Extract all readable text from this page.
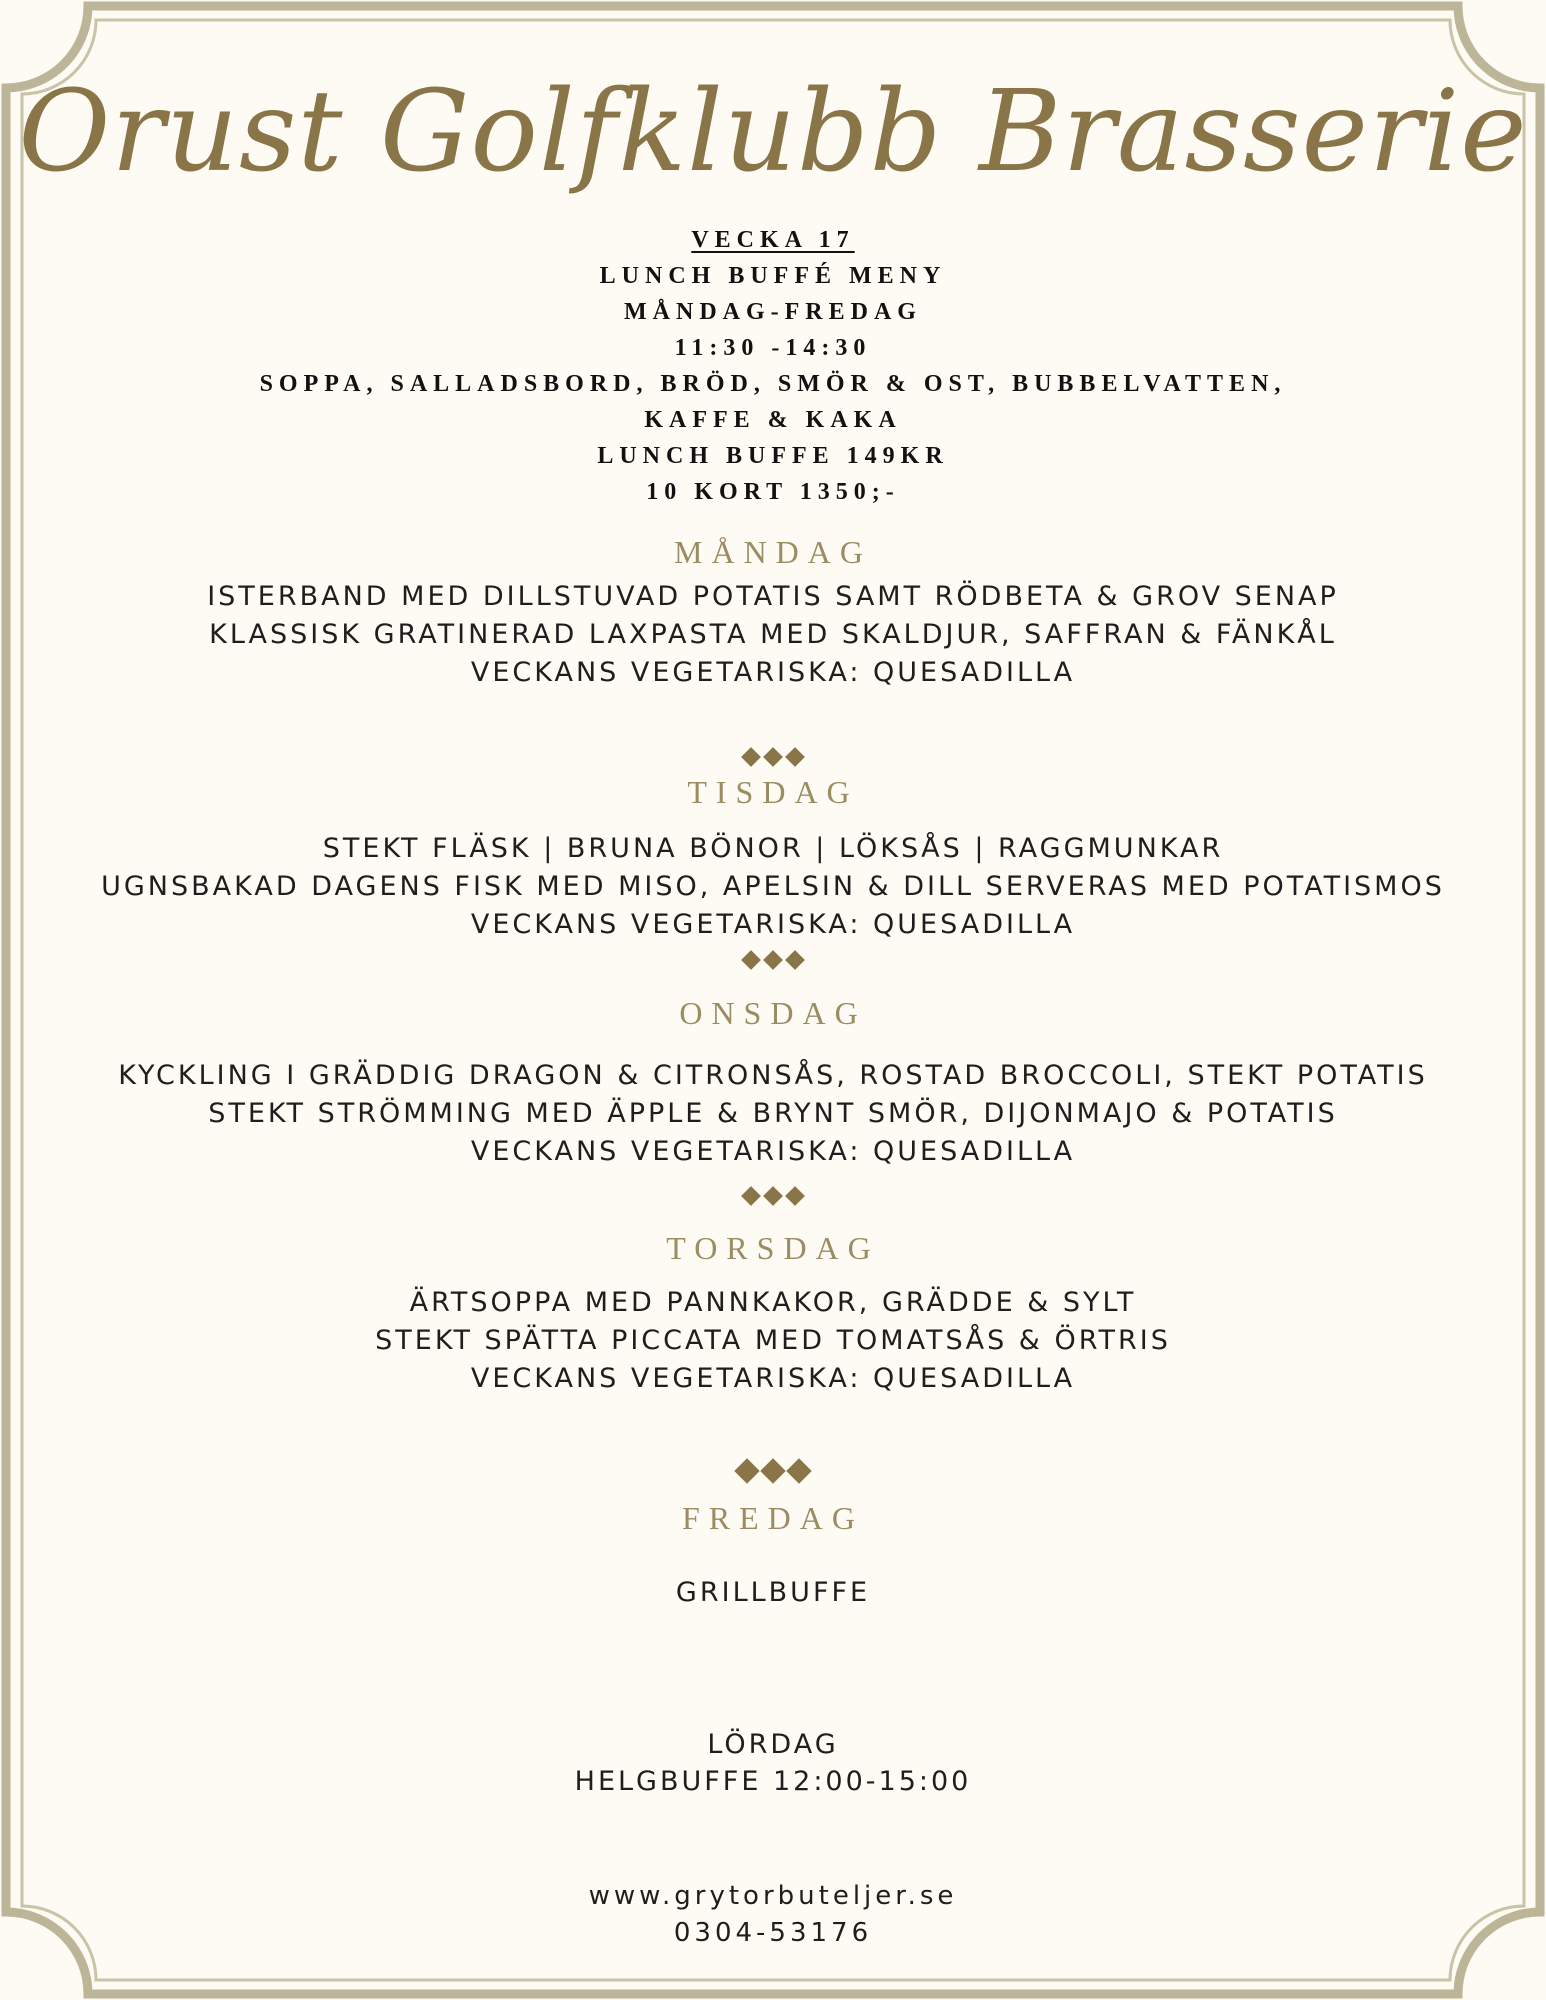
Orust Golfklubb Brasserie
VECKA 17
LUNCH BUFFÉ MENY
MÅNDAG-FREDAG
11:30 -14:30
SOPPA, SALLADSBORD, BRÖD, SMÖR & OST, BUBBELVATTEN,
KAFFE & KAKA
LUNCH BUFFE 149KR
10 KORT 1350;-
MÅNDAG
ISTERBAND MED DILLSTUVAD POTATIS SAMT RÖDBETA & GROV SENAP
KLASSISK GRATINERAD LAXPASTA MED SKALDJUR, SAFFRAN & FÄNKÅL
VECKANS VEGETARISKA: QUESADILLA
TISDAG
STEKT FLÄSK | BRUNA BÖNOR | LÖKSÅS | RAGGMUNKAR
UGNSBAKAD DAGENS FISK MED MISO, APELSIN & DILL SERVERAS MED POTATISMOS
VECKANS VEGETARISKA: QUESADILLA
ONSDAG
KYCKLING I GRÄDDIG DRAGON & CITRONSÅS, ROSTAD BROCCOLI, STEKT POTATIS
STEKT STRÖMMING MED ÄPPLE & BRYNT SMÖR, DIJONMAJO & POTATIS
VECKANS VEGETARISKA: QUESADILLA
TORSDAG
ÄRTSOPPA MED PANNKAKOR, GRÄDDE & SYLT
STEKT SPÄTTA PICCATA MED TOMATSÅS & ÖRTRIS
VECKANS VEGETARISKA: QUESADILLA
FREDAG
GRILLBUFFE
LÖRDAG
HELGBUFFE 12:00-15:00
www.grytorbuteljer.se
0304-53176
